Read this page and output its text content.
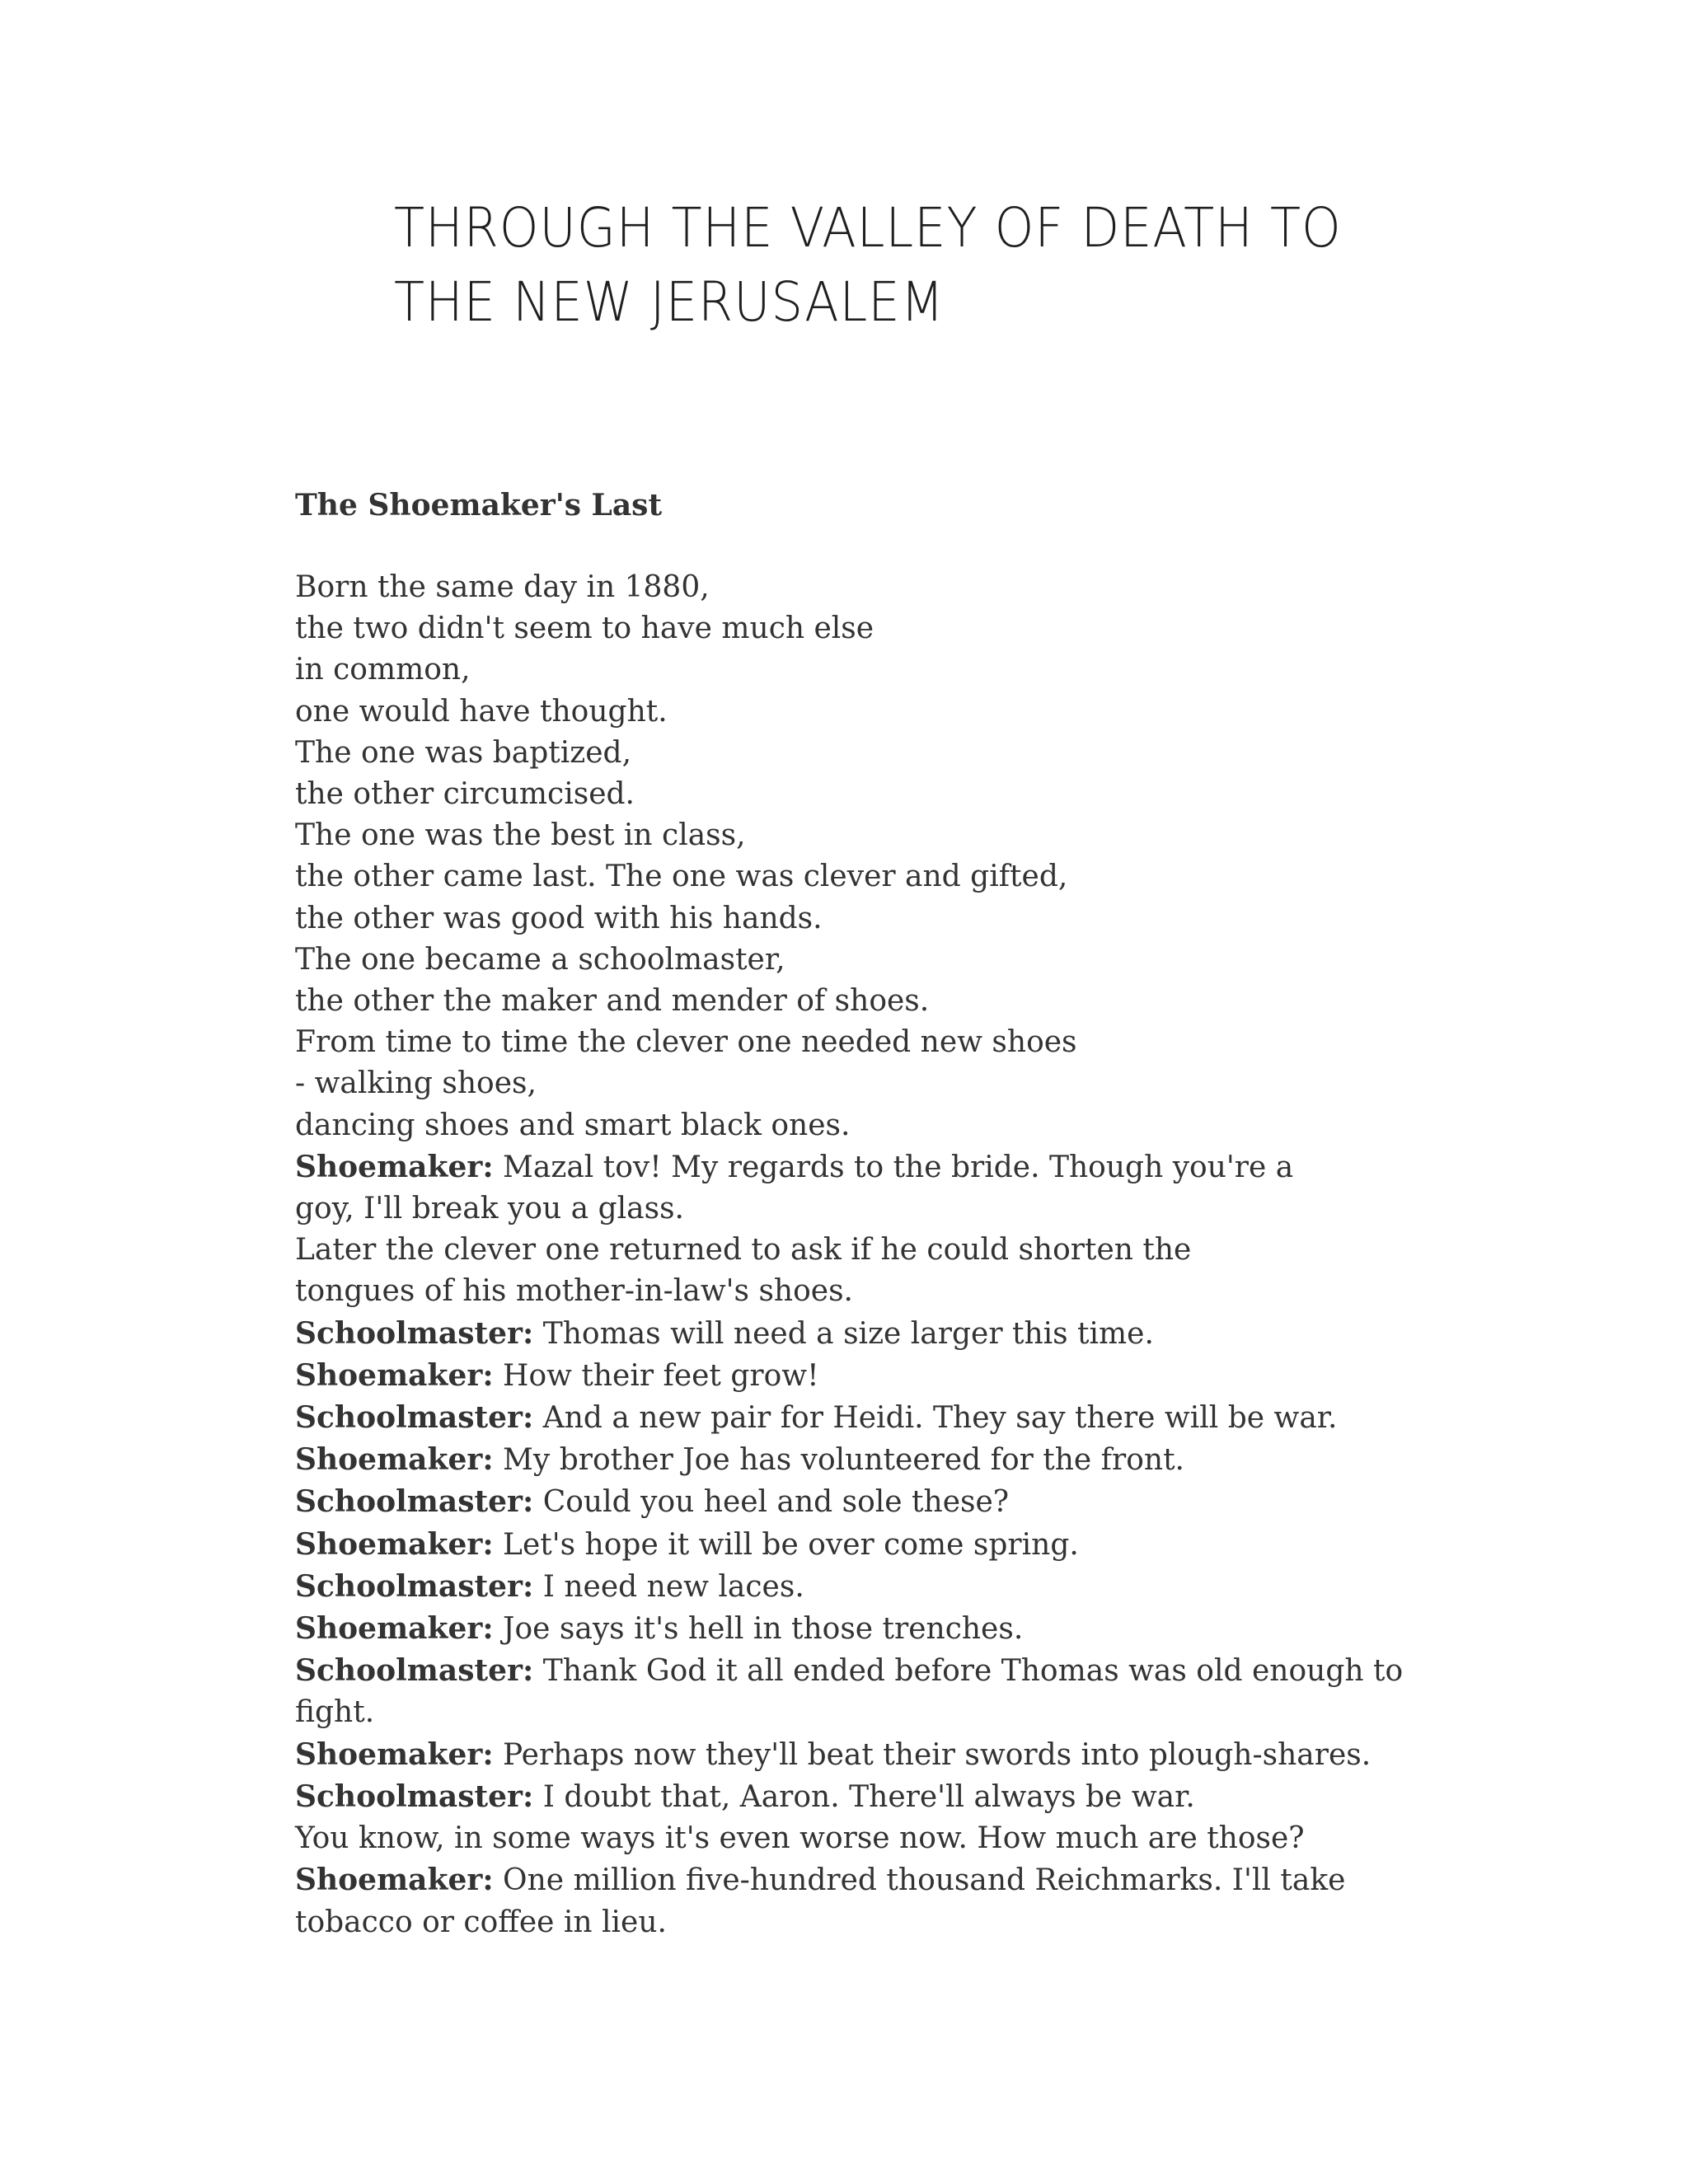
THROUGH THE VALLEY OF DEATH TO
THE NEW JERUSALEM
The Shoemaker's Last
Born the same day in 1880,
the two didn't seem to have much else
in common,
one would have thought.
The one was baptized,
the other circumcised.
The one was the best in class,
the other came last. The one was clever and gifted,
the other was good with his hands.
The one became a schoolmaster,
the other the maker and mender of shoes.
From time to time the clever one needed new shoes
- walking shoes,
dancing shoes and smart black ones.
Shoemaker: Mazal tov! My regards to the bride. Though you're a
goy, I'll break you a glass.
Later the clever one returned to ask if he could shorten the
tongues of his mother-in-law's shoes.
Schoolmaster: Thomas will need a size larger this time.
Shoemaker: How their feet grow!
Schoolmaster: And a new pair for Heidi. They say there will be war.
Shoemaker: My brother Joe has volunteered for the front.
Schoolmaster: Could you heel and sole these?
Shoemaker: Let's hope it will be over come spring.
Schoolmaster: I need new laces.
Shoemaker: Joe says it's hell in those trenches.
Schoolmaster: Thank God it all ended before Thomas was old enough to
fight.
Shoemaker: Perhaps now they'll beat their swords into plough-shares.
Schoolmaster: I doubt that, Aaron. There'll always be war.
You know, in some ways it's even worse now. How much are those?
Shoemaker: One million five-hundred thousand Reichmarks. I'll take
tobacco or coffee in lieu.
